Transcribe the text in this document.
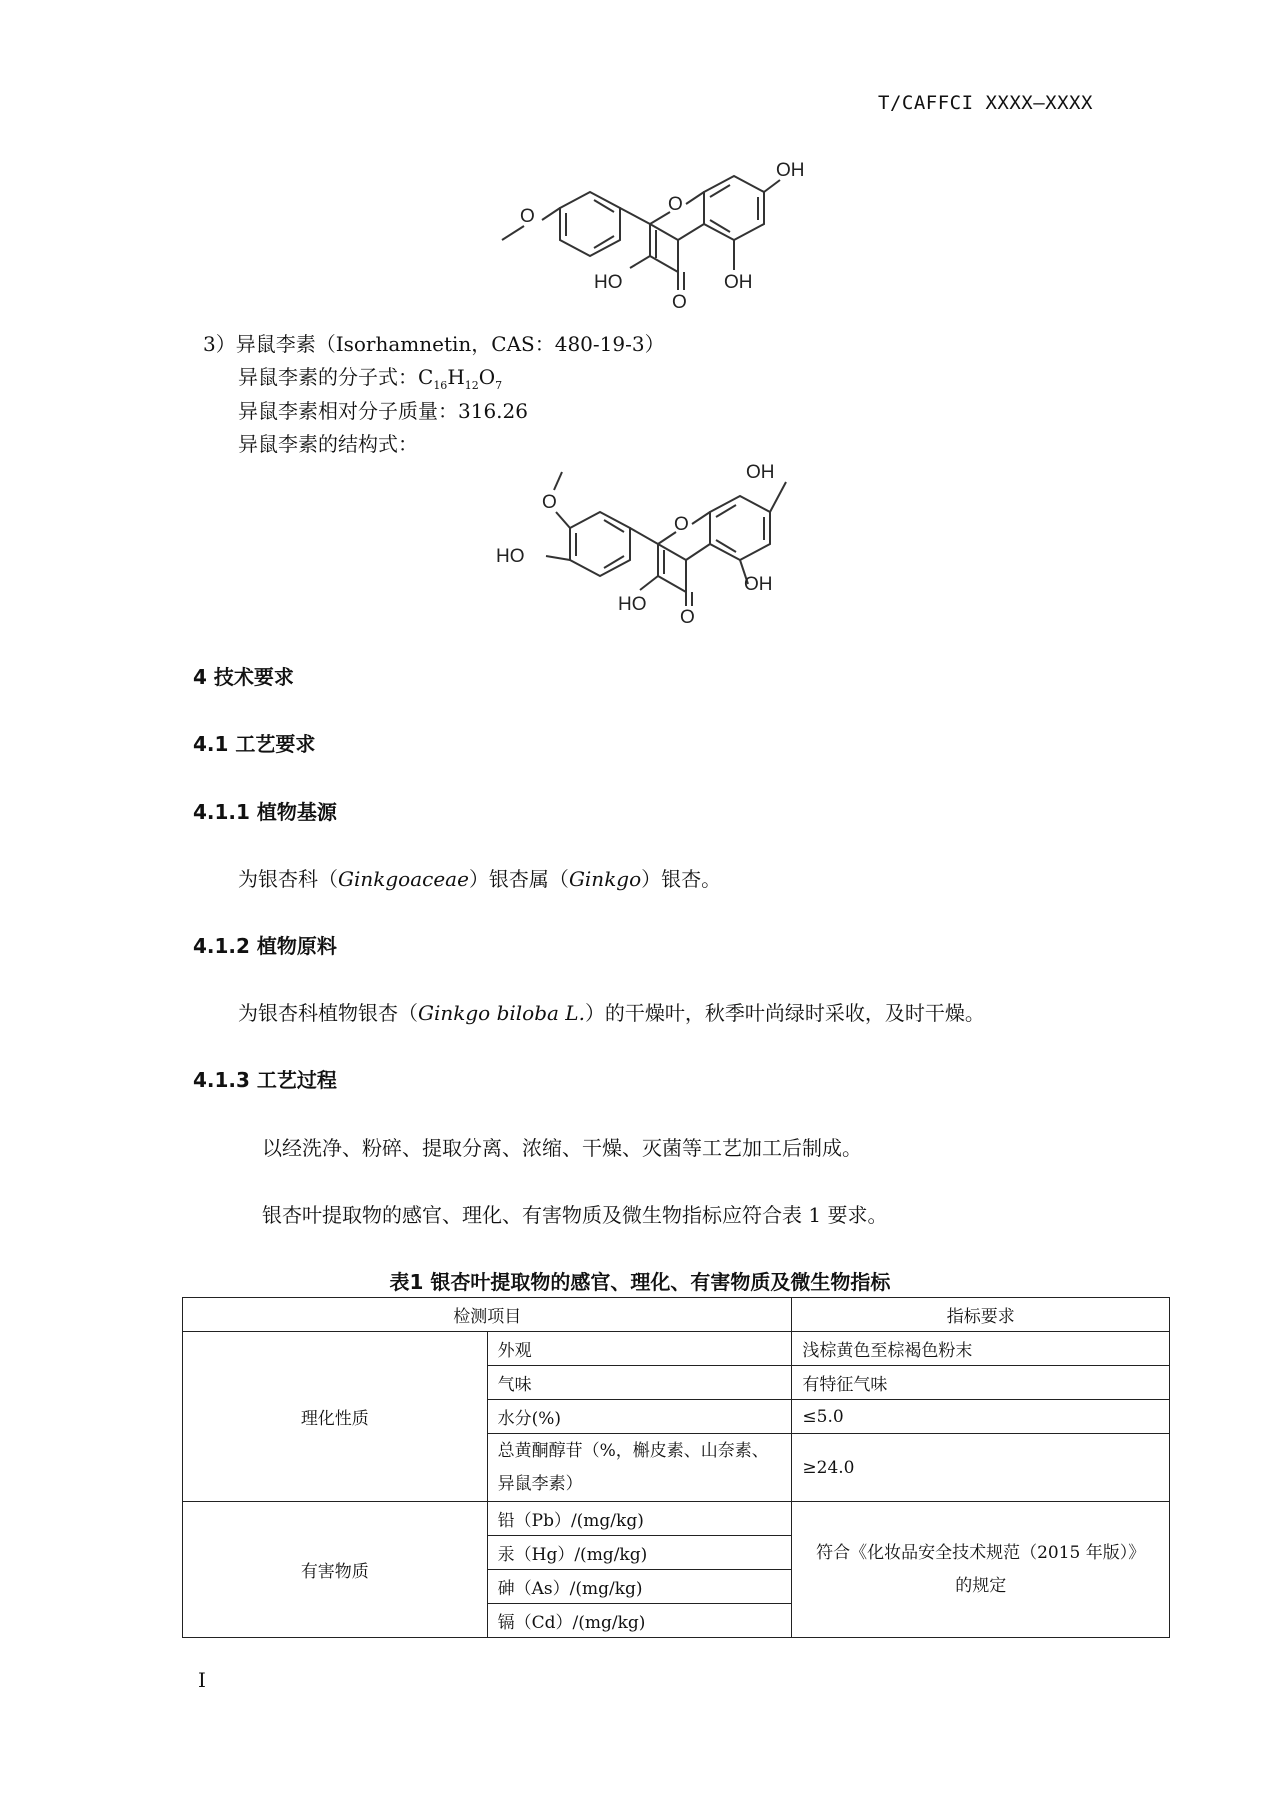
T/CAFFCI XXXX—XXXX
O
O
O
HO
OH
OH
3）异鼠李素（Isorhamnetin，CAS：480-19-3）
异鼠李素的分子式：$C_{16}H_{12}O_7$
异鼠李素相对分子质量：316.26
异鼠李素的结构式：
O
HO
O
O
HO
OH
OH
4 技术要求
4.1 工艺要求
4.1.1 植物基源
为银杏科（Ginkgoaceae）银杏属（Ginkgo）银杏。
4.1.2 植物原料
为银杏科植物银杏（Ginkgo biloba L.）的干燥叶，秋季叶尚绿时采收，及时干燥。
4.1.3 工艺过程
以经洗净、粉碎、提取分离、浓缩、干燥、灭菌等工艺加工后制成。
银杏叶提取物的感官、理化、有害物质及微生物指标应符合表 1 要求。
表1 银杏叶提取物的感官、理化、有害物质及微生物指标
检测项目		指标要求
理化性质	外观	浅棕黄色至棕褐色粉末
	气味	有特征气味
	水分(%)	≤5.0
	总黄酮醇苷（%，槲皮素、山奈素、
异鼠李素）	≥24.0
有害物质	铅（Pb）/(mg/kg)	符合《化妆品安全技术规范（2015 年版）》
的规定
	汞（Hg）/(mg/kg)	
	砷（As）/(mg/kg)	
	镉（Cd）/(mg/kg)	
I
